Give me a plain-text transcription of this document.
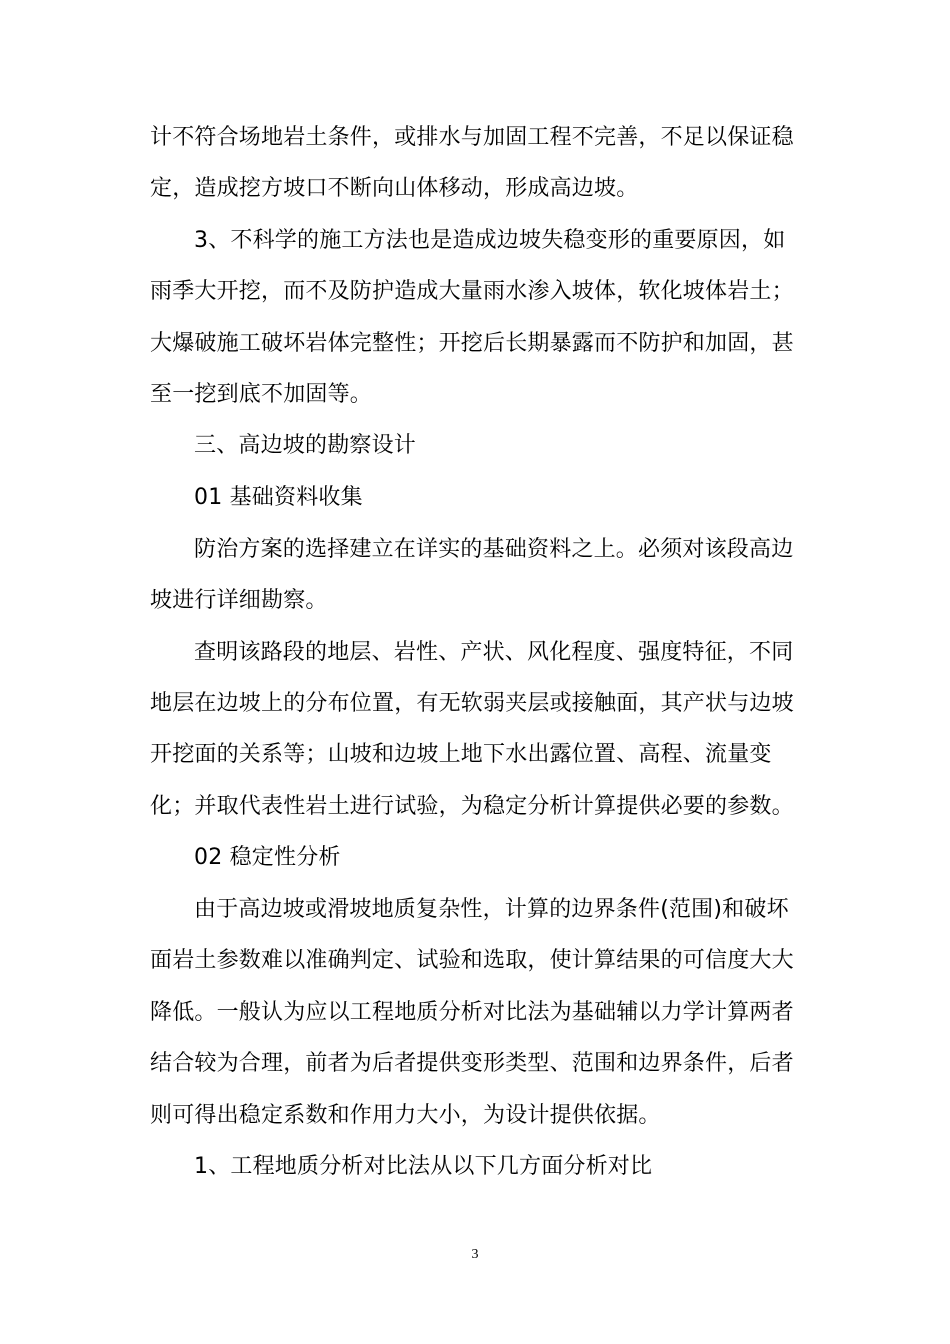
计不符合场地岩土条件，或排水与加固工程不完善，不足以保证稳
定，造成挖方坡口不断向山体移动，形成高边坡。
3、不科学的施工方法也是造成边坡失稳变形的重要原因，如
雨季大开挖，而不及防护造成大量雨水渗入坡体，软化坡体岩土；
大爆破施工破坏岩体完整性；开挖后长期暴露而不防护和加固，甚
至一挖到底不加固等。
三、高边坡的勘察设计
01 基础资料收集
防治方案的选择建立在详实的基础资料之上。必须对该段高边
坡进行详细勘察。
查明该路段的地层、岩性、产状、风化程度、强度特征，不同
地层在边坡上的分布位置，有无软弱夹层或接触面，其产状与边坡
开挖面的关系等；山坡和边坡上地下水出露位置、高程、流量变
化；并取代表性岩土进行试验，为稳定分析计算提供必要的参数。
02 稳定性分析
由于高边坡或滑坡地质复杂性，计算的边界条件(范围)和破坏
面岩土参数难以准确判定、试验和选取，使计算结果的可信度大大
降低。一般认为应以工程地质分析对比法为基础辅以力学计算两者
结合较为合理，前者为后者提供变形类型、范围和边界条件，后者
则可得出稳定系数和作用力大小，为设计提供依据。
1、工程地质分析对比法从以下几方面分析对比
3
